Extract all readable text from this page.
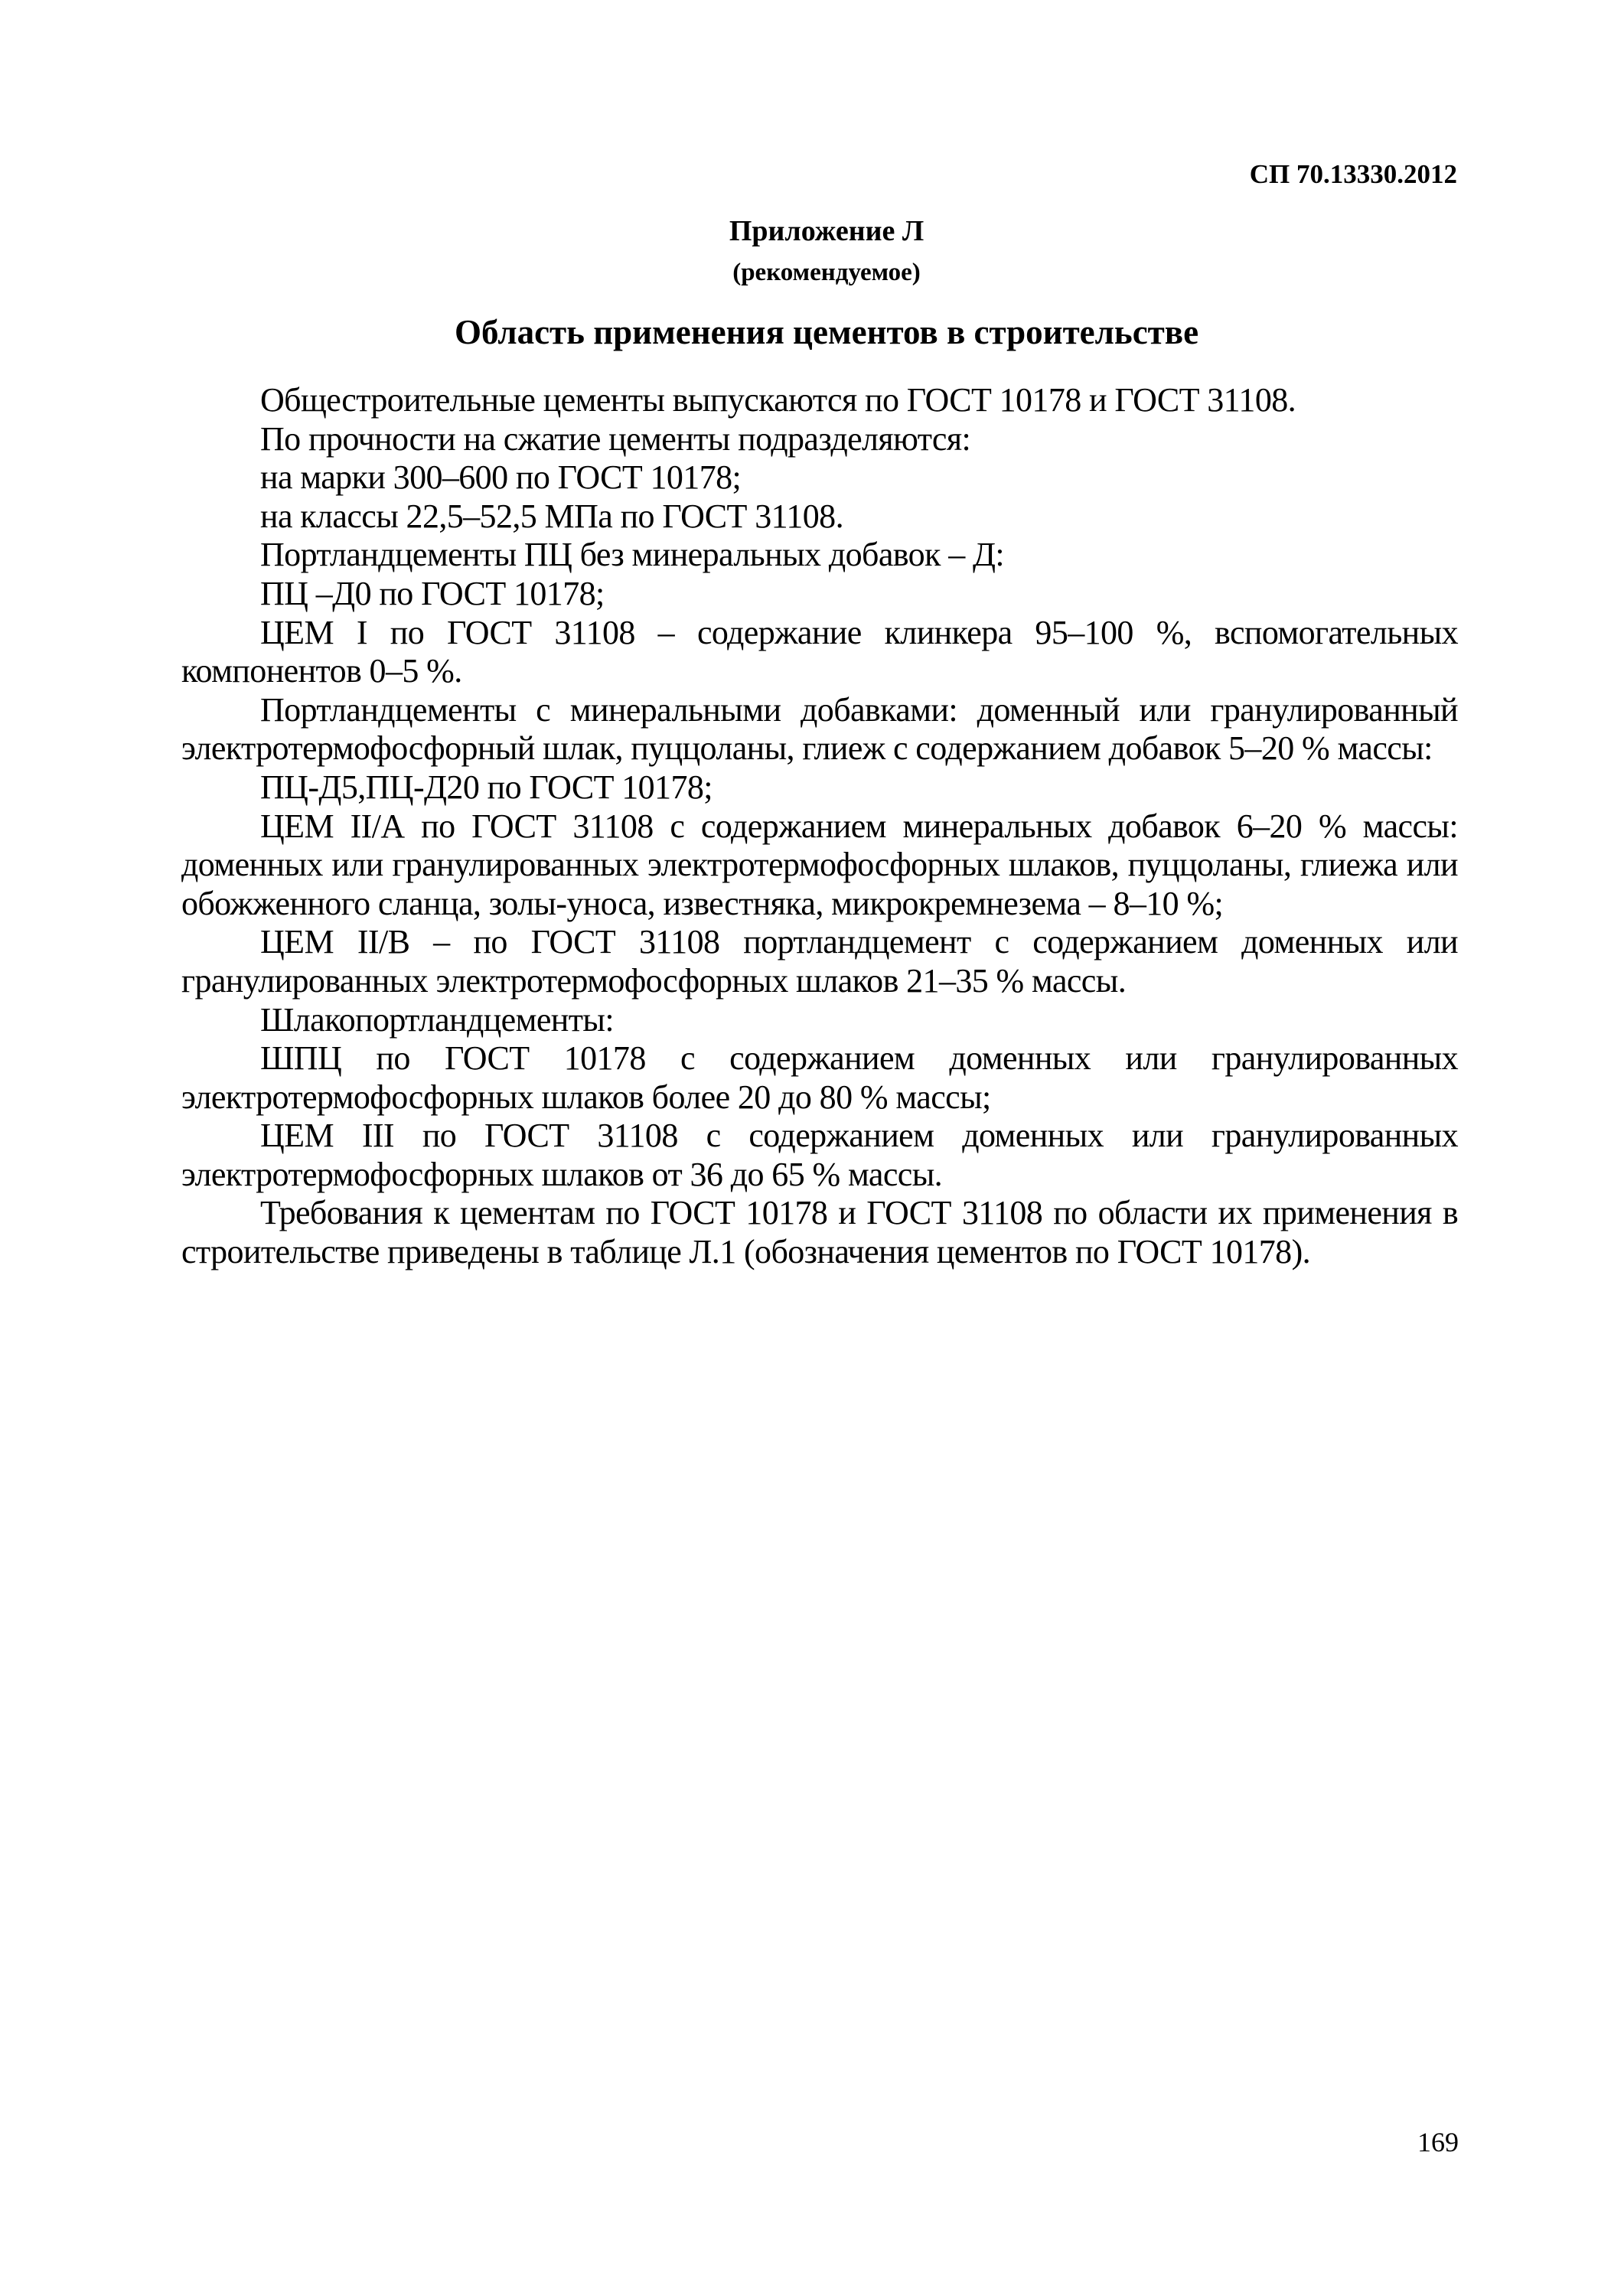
СП 70.13330.2012
Приложение Л
(рекомендуемое)
Область применения цементов в строительстве

Общестроительные цементы выпускаются по ГОСТ 10178 и ГОСТ 31108.

По прочности на сжатие цементы подразделяются:

на марки 300–600 по ГОСТ 10178;

на классы 22,5–52,5 МПа по ГОСТ 31108.

Портландцементы ПЦ без минеральных добавок – Д:

ПЦ –Д0 по ГОСТ 10178;

ЦЕМ I по ГОСТ 31108 – содержание клинкера 95–100 %, вспомогательных компонентов 0–5 %.

Портландцементы с минеральными добавками: доменный или гранулированный электротермофосфорный шлак, пуццоланы, глиеж с содержанием добавок 5–20 % массы:

ПЦ-Д5,ПЦ-Д20 по ГОСТ 10178;

ЦЕМ II/А по ГОСТ 31108 с содержанием минеральных добавок 6–20 % массы: доменных или гранулированных электротермофосфорных шлаков, пуццоланы, глиежа или обожженного сланца, золы-уноса, известняка, микрокремнезема – 8–10 %;

ЦЕМ II/В – по ГОСТ 31108 портландцемент с содержанием доменных или гранулированных электротермофосфорных шлаков 21–35 % массы.

Шлакопортландцементы:

ШПЦ по ГОСТ 10178 с содержанием доменных или гранулированных электротермофосфорных шлаков более 20 до 80 % массы;

ЦЕМ III по ГОСТ 31108 с содержанием доменных или гранулированных электротермофосфорных шлаков от 36 до 65 % массы.

Требования к цементам по ГОСТ 10178 и ГОСТ 31108 по области их применения в строительстве приведены в таблице Л.1 (обозначения цементов по ГОСТ 10178).

169
